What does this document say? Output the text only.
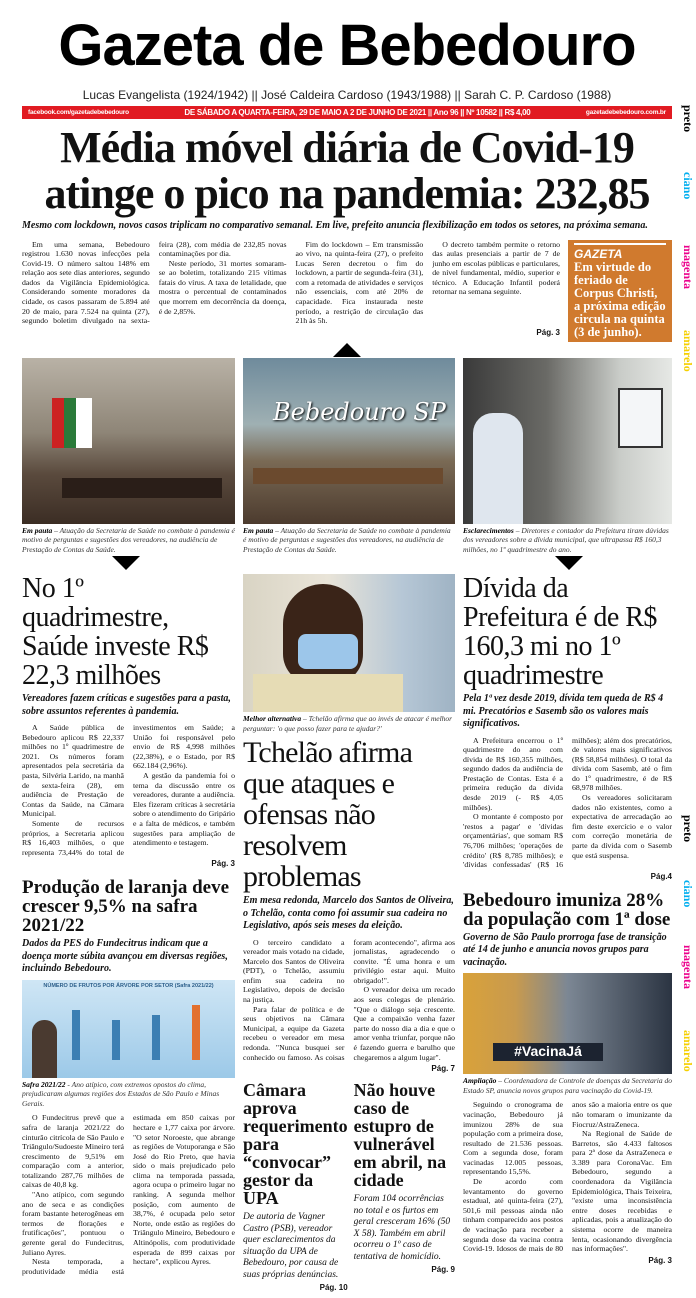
preto
ciano
magenta
amarelo
preto
ciano
magenta
amarelo
Gazeta de Bebedouro
Lucas Evangelista (1924/1942) || José Caldeira Cardoso (1943/1988) || Sarah C. P. Cardoso (1988)
facebook.com/gazetadebebedouro	DE SÁBADO A QUARTA-FEIRA, 29 DE MAIO A 2 DE JUNHO DE 2021 || Ano 96 || Nº 10582 || R$ 4,00	gazetadebebedouro.com.br
Média móvel diária de Covid-19 atinge o pico na pandemia: 232,85
Mesmo com lockdown, novos casos triplicam no comparativo semanal. Em live, prefeito anuncia flexibilização em todos os setores, na próxima semana.

Em uma semana, Bebedouro registrou 1.630 novas infecções pela Covid-19. O número saltou 148% em relação aos sete dias anteriores, segundo dados da Vigilância Epidemiológica. Considerando somente moradores da cidade, os casos passaram de 5.894 até 20 de maio, para 7.524 na quinta (27), segundo boletim divulgado na sexta-feira (28), com média de 232,85 novas contaminações por dia.

Neste período, 31 mortes somaram-se ao boletim, totalizando 215 vítimas fatais do vírus. A taxa de letalidade, que mostra o percentual de contaminados que morrem em decorrência da doença, é de 2,85%.

Fim do lockdown – Em transmissão ao vivo, na quinta-feira (27), o prefeito Lucas Seren decretou o fim do lockdown, a partir de segunda-feira (31), com a retomada de atividades e serviços não essenciais, com até 20% de capacidade. Fica instaurada neste período, a restrição de circulação das 21h às 5h.

O decreto também permite o retorno das aulas presenciais a partir de 7 de junho em escolas públicas e particulares, de nível fundamental, médio, superior e técnico. A Educação Infantil poderá retornar na semana seguinte.

Pág. 3
GAZETA
Em virtude do feriado de Corpus Christi, a próxima edição circula na quinta (3 de junho).
Em pauta – Atuação da Secretaria de Saúde no combate à pandemia é motivo de perguntas e sugestões dos vereadores, na audiência de Prestação de Contas da Saúde.
Bebedouro SP
Em pauta – Atuação da Secretaria de Saúde no combate à pandemia é motivo de perguntas e sugestões dos vereadores, na audiência de Prestação de Contas da Saúde.
Esclarecimentos – Diretores e contador da Prefeitura tiram dúvidas dos vereadores sobre a dívida municipal, que ultrapassa R$ 160,3 milhões, no 1º quadrimestre do ano.
No 1º quadrimestre, Saúde investe R$ 22,3 milhões
Vereadores fazem críticas e sugestões para a pasta, sobre assuntos referentes à pandemia.

A Saúde pública de Bebedouro aplicou R$ 22,337 milhões no 1º quadrimestre de 2021. Os números foram apresentados pela secretária da pasta, Silvéria Larido, na manhã de sexta-feira (28), em audiência de Prestação de Contas da Saúde, na Câmara Municipal.

Somente de recursos próprios, a Secretaria aplicou R$ 16,403 milhões, o que representa 73,44% do total de investimentos em Saúde; a União foi responsável pelo envio de R$ 4,998 milhões (22,38%), e o Estado, por R$ 662.184 (2,96%).

A gestão da pandemia foi o tema da discussão entre os vereadores, durante a audiência. Eles fizeram críticas à secretária sobre o atendimento do Gripário e a falta de médicos, e também sugestões para ampliação de atendimento e testagem.

Pág. 3
Produção de laranja deve crescer 9,5% na safra 2021/22
Dados da PES do Fundecitrus indicam que a doença morte súbita avançou em diversas regiões, incluindo Bebedouro.
NÚMERO DE FRUTOS POR ÁRVORE POR SETOR (Safra 2021/22)
Safra 2021/22 - Ano atípico, com extremos opostos do clima, prejudicaram algumas regiões dos Estados de São Paulo e Minas Gerais.

O Fundecitrus prevê que a safra de laranja 2021/22 do cinturão citrícola de São Paulo e Triângulo/Sudoeste Mineiro terá crescimento de 9,51% em comparação com a anterior, totalizando 287,76 milhões de caixas de 40,8 kg.

"Ano atípico, com segundo ano de seca e as condições foram bastante heterogêneas em termos de florações e frutificações", pontuou o gerente geral do Fundecitrus, Juliano Ayres.

Nesta temporada, a produtividade média está estimada em 850 caixas por hectare e 1,77 caixa por árvore. "O setor Noroeste, que abrange as regiões de Votuporanga e São José do Rio Preto, que havia sido o mais prejudicado pelo clima na temporada passada, agora ocupa o primeiro lugar no ranking. A segunda melhor posição, com aumento de 38,7%, é ocupada pelo setor Norte, onde estão as regiões do Triângulo Mineiro, Bebedouro e Altinópolis, com produtividade esperada de 899 caixas por hectare", explicou Ayres.

Melhor alternativa – Tchelão afirma que ao invés de atacar é melhor perguntar: 'o que posso fazer para te ajudar?'
Tchelão afirma que ataques e ofensas não resolvem problemas
Em mesa redonda, Marcelo dos Santos de Oliveira, o Tchelão, conta como foi assumir sua cadeira no Legislativo, após seis meses da eleição.

O terceiro candidato a vereador mais votado na cidade, Marcelo dos Santos de Oliveira (PDT), o Tchelão, assumiu enfim sua cadeira no Legislativo, depois de decisão na justiça.

Para falar de política e de seus objetivos na Câmara Municipal, a equipe da Gazeta recebeu o vereador em mesa redonda. "Nunca busquei ser conhecido ou famoso. As coisas foram acontecendo", afirma aos jornalistas, agradecendo o convite. "É uma honra e um privilégio estar aqui. Muito obrigado!".

O vereador deixa um recado aos seus colegas de plenário. "Que o diálogo seja crescente. Que a compaixão venha fazer parte do nosso dia a dia e que o amor venha triunfar, porque não é fazendo guerra e barulho que chegaremos a algum lugar".

Pág. 7
Câmara aprova requerimento para “convocar” gestor da UPA
De autoria de Vagner Castro (PSB), vereador quer esclarecimentos da situação da UPA de Bebedouro, por causa de suas próprias denúncias.
Pág. 10
Não houve caso de estupro de vulnerável em abril, na cidade
Foram 104 ocorrências no total e os furtos em geral cresceram 16% (50 X 58). Também em abril ocorreu o 1º caso de tentativa de homicídio.
Pág. 9
Dívida da Prefeitura é de R$ 160,3 mi no 1º quadrimestre
Pela 1ª vez desde 2019, dívida tem queda de R$ 4 mi. Precatórios e Sasemb são os valores mais significativos.

A Prefeitura encerrou o 1º quadrimestre do ano com dívida de R$ 160,355 milhões, segundo dados da audiência de Prestação de Contas. Esta é a primeira redução da dívida desde 2019 (- R$ 4,05 milhões).

O montante é composto por 'restos a pagar' e 'dívidas orçamentárias', que somam R$ 76,706 milhões; 'operações de crédito' (R$ 8,785 milhões); e 'dívidas confessadas' (R$ 16 milhões); além dos precatórios, de valores mais significativos (R$ 58,854 milhões). O total da dívida com Sasemb, até o fim do 1º quadrimestre, é de R$ 68,978 milhões.

Os vereadores solicitaram dados não existentes, como a expectativa de arrecadação ao fim deste exercício e o valor com correção monetária de parte da dívida com o Sasemb que está suspensa.

Pág.4
Bebedouro imuniza 28% da população com 1ª dose
Governo de São Paulo prorroga fase de transição até 14 de junho e anuncia novos grupos para vacinação.
#VacinaJá
Ampliação – Coordenadora de Controle de doenças da Secretaria do Estado SP, anuncia novos grupos para vacinação da Covid-19.

Seguindo o cronograma de vacinação, Bebedouro já imunizou 28% de sua população com a primeira dose, resultado de 21.536 pessoas. Com a segunda dose, foram vacinadas 12.005 pessoas, representando 15,5%.

De acordo com levantamento do governo estadual, até quinta-feira (27), 501,6 mil pessoas ainda não tinham comparecido aos postos de vacinação para receber a segunda dose da vacina contra Covid-19. Idosos de mais de 80 anos são a maioria entre os que não tomaram o imunizante da Fiocruz/AstraZeneca.

Na Regional de Saúde de Barretos, são 4.433 faltosos para 2ª dose da AstraZeneca e 3.389 para CoronaVac. Em Bebedouro, segundo a coordenadora da Vigilância Epidemiológica, Thais Teixeira, "existe uma inconsistência entre doses recebidas e aplicadas, pois a atualização do sistema ocorre de maneira lenta, ocasionando divergência nas informações".

Pág. 3
